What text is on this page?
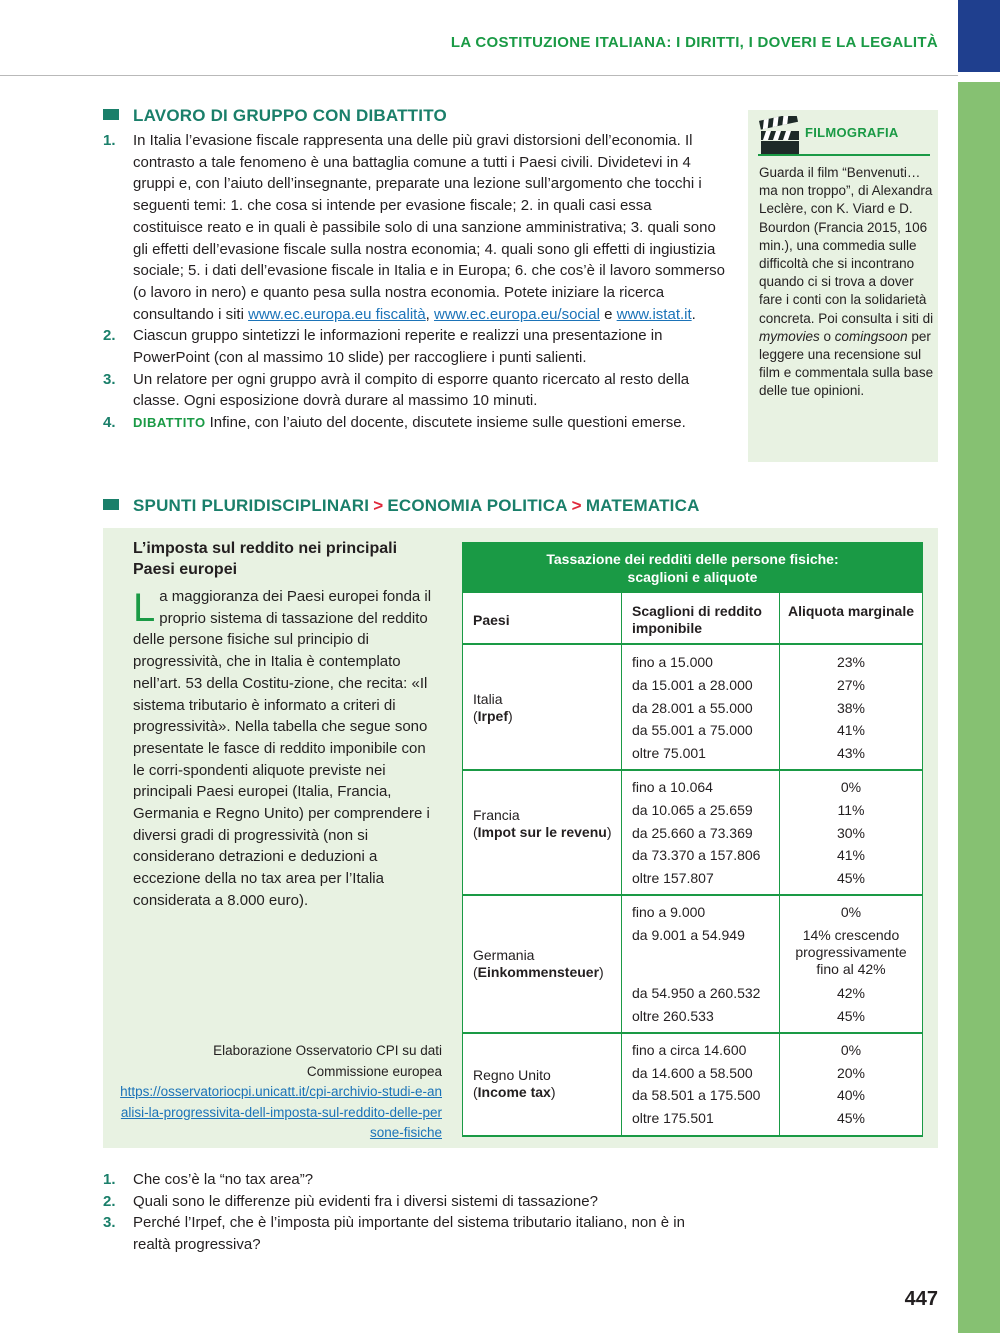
LA COSTITUZIONE ITALIANA: I DIRITTI, I DOVERI E LA LEGALITÀ
LAVORO DI GRUPPO CON DIBATTITO
1. In Italia l’evasione fiscale rappresenta una delle più gravi distorsioni dell’economia. Il contrasto a tale fenomeno è una battaglia comune a tutti i Paesi civili. Dividetevi in 4 gruppi e, con l’aiuto dell’insegnante, preparate una lezione sull’argomento che tocchi i seguenti temi: 1. che cosa si intende per evasione fiscale; 2. in quali casi essa costituisce reato e in quali è passibile solo di una sanzione amministrativa; 3. quali sono gli effetti dell’evasione fiscale sulla nostra economia; 4. quali sono gli effetti di ingiustizia sociale; 5. i dati dell’evasione fiscale in Italia e in Europa; 6. che cos’è il lavoro sommerso (o lavoro in nero) e quanto pesa sulla nostra economia. Potete iniziare la ricerca consultando i siti www.ec.europa.eu fiscalità, www.ec.europa.eu/social e www.istat.it.
2. Ciascun gruppo sintetizzi le informazioni reperite e realizzi una presentazione in PowerPoint (con al massimo 10 slide) per raccogliere i punti salienti.
3. Un relatore per ogni gruppo avrà il compito di esporre quanto ricercato al resto della classe. Ogni esposizione dovrà durare al massimo 10 minuti.
4. DIBATTITO Infine, con l’aiuto del docente, discutete insieme sulle questioni emerse.
FILMOGRAFIA
Guarda il film “Benvenuti… ma non troppo”, di Alexandra Leclère, con K. Viard e D. Bourdon (Francia 2015, 106 min.), una commedia sulle difficoltà che si incontrano quando ci si trova a dover fare i conti con la solidarietà concreta. Poi consulta i siti di mymovies o comingsoon per leggere una recensione sul film e commentala sulla base delle tue opinioni.
SPUNTI PLURIDISCIPLINARI > ECONOMIA POLITICA > MATEMATICA
L’imposta sul reddito nei principali Paesi europei
La maggioranza dei Paesi europei fonda il proprio sistema di tassazione del reddito delle persone fisiche sul principio di progressività, che in Italia è contemplato nell’art. 53 della Costitu-zione, che recita: «Il sistema tributario è informato a criteri di progressività». Nella tabella che segue sono presentate le fasce di reddito imponibile con le corri-spondenti aliquote previste nei principali Paesi europei (Italia, Francia, Germania e Regno Unito) per comprendere i diversi gradi di progressività (non si considerano detrazioni e deduzioni a eccezione della no tax area per l’Italia considerata a 8.000 euro).
Elaborazione Osservatorio CPI su dati
Commissione europea
https://osservatoriocpi.unicatt.it/cpi-archivio-studi-e-analisi-la-progressivita-dell-imposta-sul-reddito-delle-persone-fisiche
Tassazione dei redditi delle persone fisiche:
scaglioni e aliquote
Paesi
Scaglioni di reddito imponibile
Aliquota marginale
Italia
(Irpef)
fino a 15.000
da 15.001 a 28.000
da 28.001 a 55.000
da 55.001 a 75.000
oltre 75.001
23%
27%
38%
41%
43%
Francia
(Impot sur le revenu)
fino a 10.064
da 10.065 a 25.659
da 25.660 a 73.369
da 73.370 a 157.806
oltre 157.807
0%
11%
30%
41%
45%
Germania
(Einkommensteuer)
fino a 9.000
da 9.001 a 54.949
da 54.950 a 260.532
oltre 260.533
0%
14% crescendo progressivamente fino al 42%
42%
45%
Regno Unito
(Income tax)
fino a circa 14.600
da 14.600 a 58.500
da 58.501 a 175.500
oltre 175.501
0%
20%
40%
45%
1. Che cos’è la “no tax area”?
2. Quali sono le differenze più evidenti fra i diversi sistemi di tassazione?
3. Perché l’Irpef, che è l’imposta più importante del sistema tributario italiano, non è in realtà progressiva?
447
